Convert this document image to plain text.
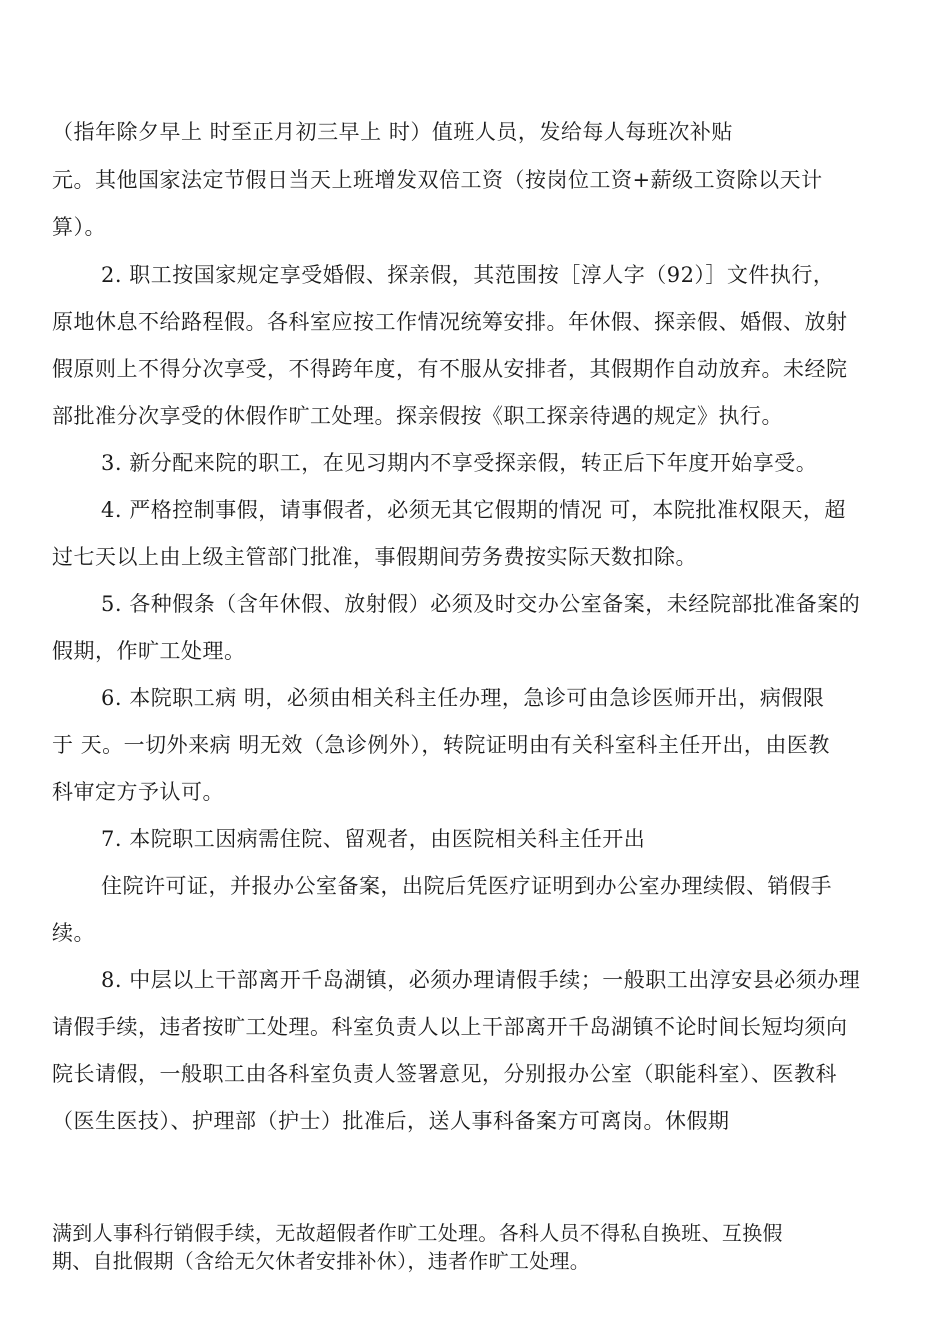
（指年除夕早上 时至正月初三早上 时）值班人员，发给每人每班次补贴
元。其他国家法定节假日当天上班增发双倍工资（按岗位工资+薪级工资除以天计
算）。
2. 职工按国家规定享受婚假、探亲假，其范围按［淳人字（92）］文件执行，
原地休息不给路程假。各科室应按工作情况统筹安排。年休假、探亲假、婚假、放射
假原则上不得分次享受，不得跨年度，有不服从安排者，其假期作自动放弃。未经院
部批准分次享受的休假作旷工处理。探亲假按《职工探亲待遇的规定》执行。
3. 新分配来院的职工，在见习期内不享受探亲假，转正后下年度开始享受。
4. 严格控制事假，请事假者，必须无其它假期的情况 可，本院批准权限天，超
过七天以上由上级主管部门批准，事假期间劳务费按实际天数扣除。
5. 各种假条（含年休假、放射假）必须及时交办公室备案，未经院部批准备案的
假期，作旷工处理。
6. 本院职工病 明，必须由相关科主任办理，急诊可由急诊医师开出，病假限
于 天。一切外来病 明无效（急诊例外），转院证明由有关科室科主任开出，由医教
科审定方予认可。
7. 本院职工因病需住院、留观者，由医院相关科主任开出
住院许可证，并报办公室备案，出院后凭医疗证明到办公室办理续假、销假手
续。
8. 中层以上干部离开千岛湖镇，必须办理请假手续；一般职工出淳安县必须办理
请假手续，违者按旷工处理。科室负责人以上干部离开千岛湖镇不论时间长短均须向
院长请假，一般职工由各科室负责人签署意见，分别报办公室（职能科室）、医教科
（医生医技）、护理部（护士）批准后，送人事科备案方可离岗。休假期
满到人事科行销假手续，无故超假者作旷工处理。各科人员不得私自换班、互换假
期、自批假期（含给无欠休者安排补休），违者作旷工处理。
